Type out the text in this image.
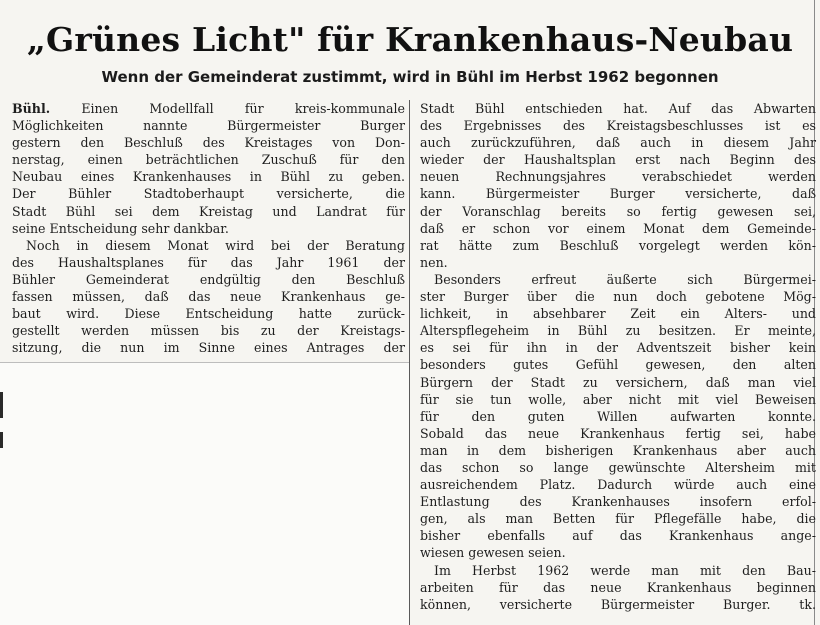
„Grünes Licht" für Krankenhaus-Neubau
Wenn der Gemeinderat zustimmt, wird in Bühl im Herbst 1962 begonnen

Bühl. Einen Modellfall für kreis-kommunale

Möglichkeiten nannte Bürgermeister Burger

gestern den Beschluß des Kreistages von Don-

nerstag, einen beträchtlichen Zuschuß für den

Neubau eines Krankenhauses in Bühl zu geben.

Der Bühler Stadtoberhaupt versicherte, die

Stadt Bühl sei dem Kreistag und Landrat für

seine Entscheidung sehr dankbar.

Noch in diesem Monat wird bei der Beratung

des Haushaltsplanes für das Jahr 1961 der

Bühler Gemeinderat endgültig den Beschluß

fassen müssen, daß das neue Krankenhaus ge-

baut wird. Diese Entscheidung hatte zurück-

gestellt werden müssen bis zu der Kreistags-

sitzung, die nun im Sinne eines Antrages der

Stadt Bühl entschieden hat. Auf das Abwarten

des Ergebnisses des Kreistagsbeschlusses ist es

auch zurückzuführen, daß auch in diesem Jahr

wieder der Haushaltsplan erst nach Beginn des

neuen Rechnungsjahres verabschiedet werden

kann. Bürgermeister Burger versicherte, daß

der Voranschlag bereits so fertig gewesen sei,

daß er schon vor einem Monat dem Gemeinde-

rat hätte zum Beschluß vorgelegt werden kön-

nen.

Besonders erfreut äußerte sich Bürgermei-

ster Burger über die nun doch gebotene Mög-

lichkeit, in absehbarer Zeit ein Alters- und

Alterspflegeheim in Bühl zu besitzen. Er meinte,

es sei für ihn in der Adventszeit bisher kein

besonders gutes Gefühl gewesen, den alten

Bürgern der Stadt zu versichern, daß man viel

für sie tun wolle, aber nicht mit viel Beweisen

für den guten Willen aufwarten konnte.

Sobald das neue Krankenhaus fertig sei, habe

man in dem bisherigen Krankenhaus aber auch

das schon so lange gewünschte Altersheim mit

ausreichendem Platz. Dadurch würde auch eine

Entlastung des Krankenhauses insofern erfol-

gen, als man Betten für Pflegefälle habe, die

bisher ebenfalls auf das Krankenhaus ange-

wiesen gewesen seien.

Im Herbst 1962 werde man mit den Bau-

arbeiten für das neue Krankenhaus beginnen

können, versicherte Bürgermeister Burger. tk.
